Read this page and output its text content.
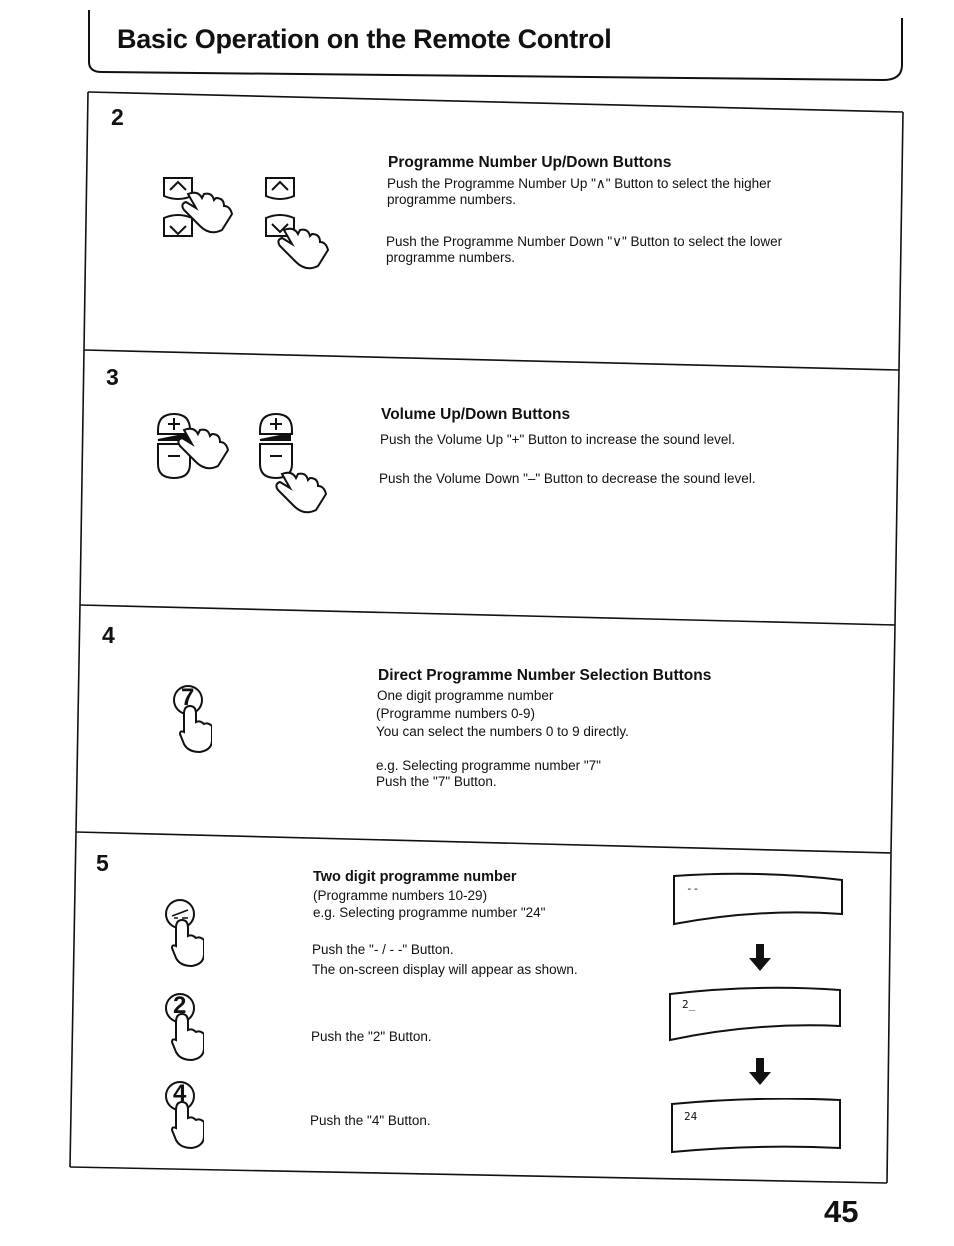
Basic Operation on the Remote Control
2
Programme Number Up/Down Buttons
Push the Programme Number Up "∧" Button to select the higher
programme numbers.
Push the Programme Number Down "∨" Button to select the lower
programme numbers.
3
Volume Up/Down Buttons
Push the Volume Up "+" Button to increase the sound level.
Push the Volume Down "–" Button to decrease the sound level.
4
7
Direct Programme Number Selection Buttons
One digit programme number
(Programme numbers 0-9)
You can select the numbers 0 to 9 directly.
e.g. Selecting programme number "7"
Push the "7" Button.
5
2
4
Two digit programme number
(Programme numbers 10-29)
e.g. Selecting programme number "24"
Push the "- / - -" Button.
The on-screen display will appear as shown.
Push the "2" Button.
Push the "4" Button.
--
2_
24
45
